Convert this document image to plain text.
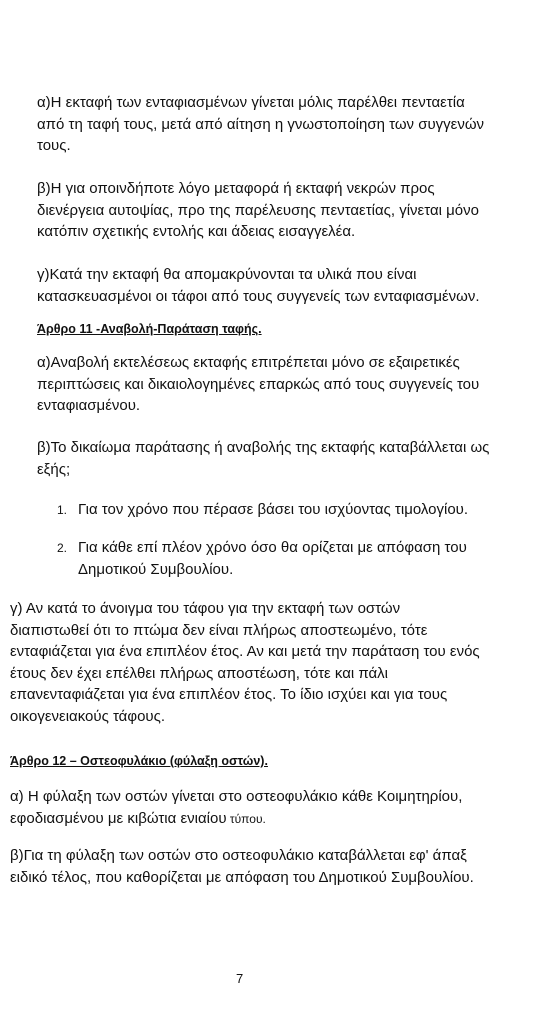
α)Η εκταφή των ενταφιασμένων γίνεται μόλις παρέλθει πενταετία
από τη ταφή τους, μετά από αίτηση η γνωστοποίηση των συγγενών
τους.
β)Η για οποινδήποτε λόγο μεταφορά ή εκταφή νεκρών προς
διενέργεια αυτοψίας, προ της παρέλευσης πενταετίας, γίνεται μόνο
κατόπιν σχετικής εντολής και άδειας εισαγγελέα.
γ)Κατά την εκταφή θα απομακρύνονται τα υλικά που είναι
κατασκευασμένοι οι τάφοι από τους συγγενείς των ενταφιασμένων.
Άρθρο 11 -Αναβολή-Παράταση ταφής.
α)Αναβολή εκτελέσεως εκταφής επιτρέπεται μόνο σε εξαιρετικές
περιπτώσεις και δικαιολογημένες επαρκώς από τους συγγενείς του
ενταφιασμένου.
β)Το δικαίωμα παράτασης ή αναβολής της εκταφής καταβάλλεται ως
εξής;
1. Για τον χρόνο που πέρασε βάσει του ισχύοντας τιμολογίου.
2. Για κάθε επί πλέον χρόνο όσο θα ορίζεται με απόφαση του
Δημοτικού Συμβουλίου.
γ) Αν κατά το άνοιγμα του τάφου για την εκταφή των οστών
διαπιστωθεί ότι το πτώμα δεν είναι πλήρως αποστεωμένο, τότε
ενταφιάζεται για ένα επιπλέον έτος. Αν και μετά την παράταση του ενός
έτους δεν έχει επέλθει πλήρως αποστέωση, τότε και πάλι
επανενταφιάζεται για ένα επιπλέον έτος. Το ίδιο ισχύει και για τους
οικογενειακούς τάφους.
Άρθρο 12 – Οστεοφυλάκιο (φύλαξη οστών).
α) Η φύλαξη των οστών γίνεται στο οστεοφυλάκιο κάθε Κοιμητηρίου,
εφοδιασμένου με κιβώτια ενιαίου τύπου.
β)Για τη φύλαξη των οστών στο οστεοφυλάκιο καταβάλλεται εφ' άπαξ
ειδικό τέλος, που καθορίζεται με απόφαση του Δημοτικού Συμβουλίου.
7
